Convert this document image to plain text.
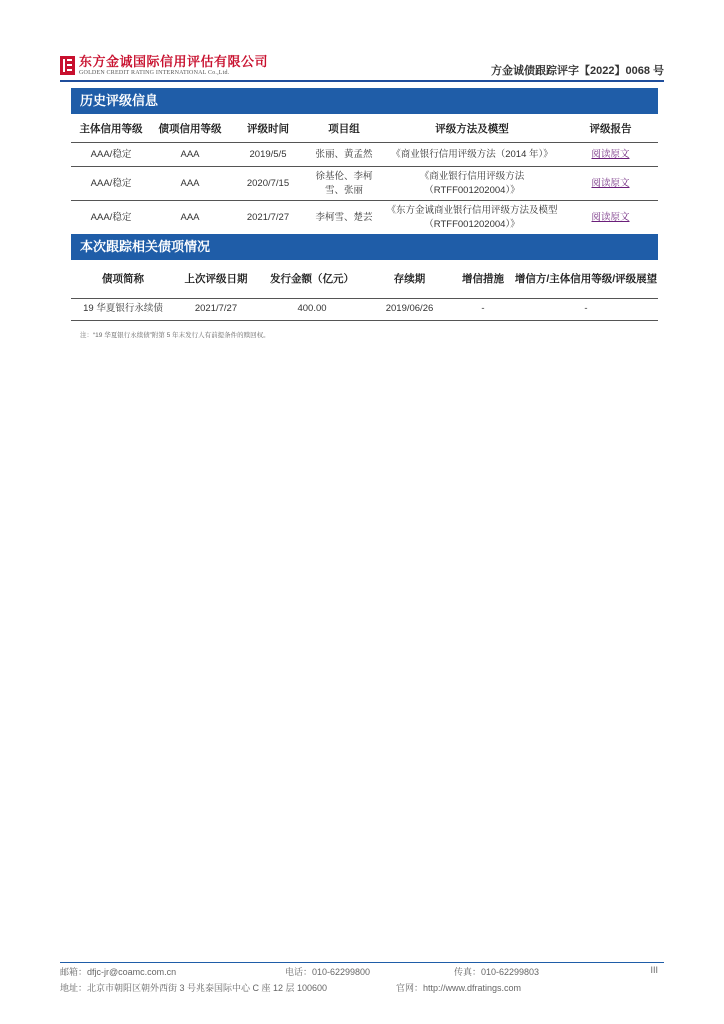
东方金诚国际信用评估有限公司
GOLDEN CREDIT RATING INTERNATIONAL Co.,Ltd.	方金诚债跟踪评字【2022】0068 号
历史评级信息
主体信用等级	债项信用等级	评级时间	项目组	评级方法及模型	评级报告
AAA/稳定	AAA	2019/5/5	张丽、黄孟然	《商业银行信用评级方法（2014 年）》	阅读原文
AAA/稳定	AAA	2020/7/15	徐基伦、李柯雪、张丽	《商业银行信用评级方法（RTFF001202004）》	阅读原文
AAA/稳定	AAA	2021/7/27	李柯雪、楚芸	《东方金诚商业银行信用评级方法及模型（RTFF001202004）》	阅读原文
本次跟踪相关债项情况
债项简称	上次评级日期	发行金额（亿元）	存续期	增信措施	增信方/主体信用等级/评级展望
19 华夏银行永续债	2021/7/27	400.00	2019/06/26	-	-
注：“19 华夏银行永续债”附第 5 年末发行人有前提条件的赎回权。
邮箱：dfjc-jr@coamc.com.cn	电话：010-62299800	传真：010-62299803	III
地址：北京市朝阳区朝外西街 3 号兆泰国际中心 C 座 12 层 100600	官网：http://www.dfratings.com
